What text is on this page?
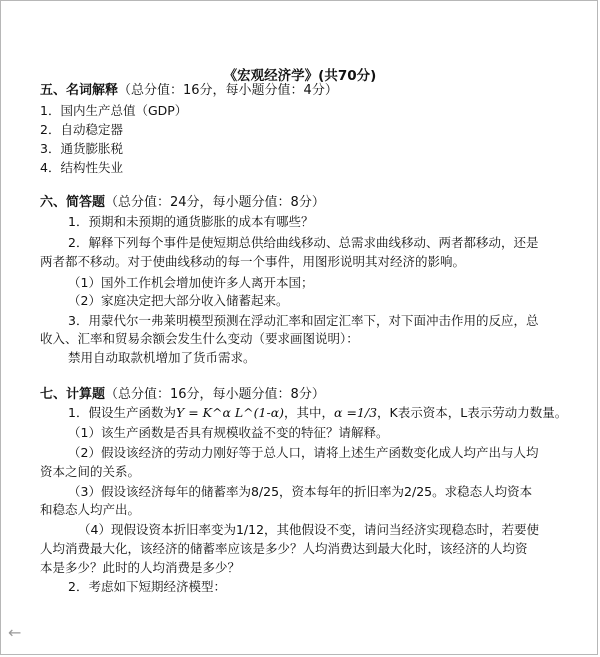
《宏观经济学》(共70分)
五、名词解释（总分值：16分，每小题分值：4分）
1．国内生产总值（GDP）
2．自动稳定器
3．通货膨胀税
4．结构性失业
六、简答题（总分值：24分，每小题分值：8分）
1．预期和未预期的通货膨胀的成本有哪些？
2．解释下列每个事件是使短期总供给曲线移动、总需求曲线移动、两者都移动，还是
两者都不移动。对于使曲线移动的每一个事件，用图形说明其对经济的影响。
（1）国外工作机会增加使许多人离开本国；
（2）家庭决定把大部分收入储蓄起来。
3．用蒙代尔一弗莱明模型预测在浮动汇率和固定汇率下，对下面冲击作用的反应，总
收入、汇率和贸易余额会发生什么变动（要求画图说明）：
禁用自动取款机增加了货币需求。
七、计算题（总分值：16分，每小题分值：8分）
1．假设生产函数为Y = K^α L^(1-α)，其中，α =1/3，K表示资本，L表示劳动力数量。
（1）该生产函数是否具有规模收益不变的特征？请解释。
（2）假设该经济的劳动力刚好等于总人口，请将上述生产函数变化成人均产出与人均
资本之间的关系。
（3）假设该经济每年的储蓄率为8/25，资本每年的折旧率为2/25。求稳态人均资本
和稳态人均产出。
（4）现假设资本折旧率变为1/12，其他假设不变，请问当经济实现稳态时，若要使
人均消费最大化，该经济的储蓄率应该是多少？人均消费达到最大化时，该经济的人均资
本是多少？此时的人均消费是多少？
2．考虑如下短期经济模型：
←
